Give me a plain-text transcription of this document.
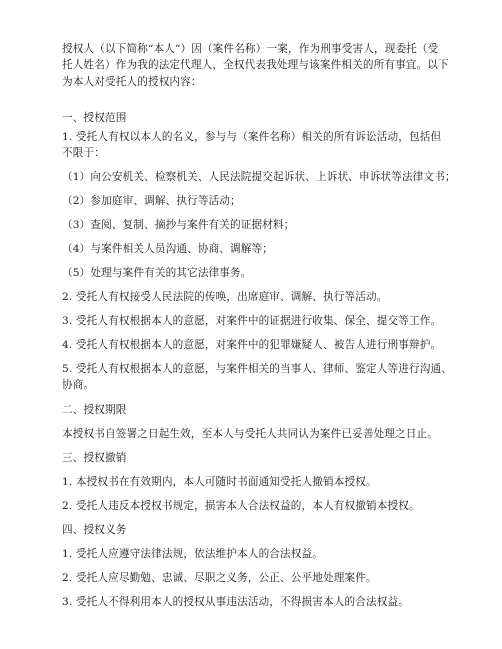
授权人（以下简称“本人”）因（案件名称）一案，作为刑事受害人，现委托（受
托人姓名）作为我的法定代理人，全权代表我处理与该案件相关的所有事宜。以下
为本人对受托人的授权内容：
一、授权范围
1. 受托人有权以本人的名义，参与与（案件名称）相关的所有诉讼活动，包括但
不限于：
（1）向公安机关、检察机关、人民法院提交起诉状、上诉状、申诉状等法律文书；
（2）参加庭审、调解、执行等活动；
（3）查阅、复制、摘抄与案件有关的证据材料；
（4）与案件相关人员沟通、协商、调解等；
（5）处理与案件有关的其它法律事务。
2. 受托人有权接受人民法院的传唤，出席庭审、调解、执行等活动。
3. 受托人有权根据本人的意愿，对案件中的证据进行收集、保全、提交等工作。
4. 受托人有权根据本人的意愿，对案件中的犯罪嫌疑人、被告人进行刑事辩护。
5. 受托人有权根据本人的意愿，与案件相关的当事人、律师、鉴定人等进行沟通、
协商。
二、授权期限
本授权书自签署之日起生效，至本人与受托人共同认为案件已妥善处理之日止。
三、授权撤销
1. 本授权书在有效期内，本人可随时书面通知受托人撤销本授权。
2. 受托人违反本授权书规定，损害本人合法权益的，本人有权撤销本授权。
四、授权义务
1. 受托人应遵守法律法规，依法维护本人的合法权益。
2. 受托人应尽勤勉、忠诚、尽职之义务，公正、公平地处理案件。
3. 受托人不得利用本人的授权从事违法活动，不得损害本人的合法权益。
